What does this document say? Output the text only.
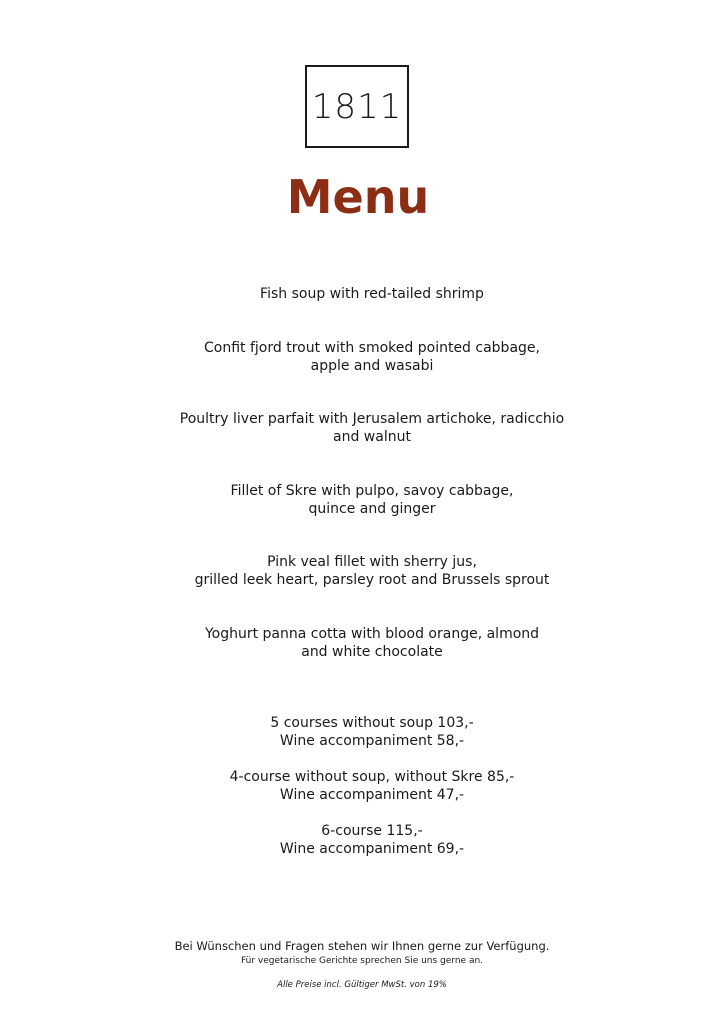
1811
Menu
Fish soup with red-tailed shrimp
Confit fjord trout with smoked pointed cabbage,
apple and wasabi
Poultry liver parfait with Jerusalem artichoke, radicchio
and walnut
Fillet of Skre with pulpo, savoy cabbage,
quince and ginger
Pink veal fillet with sherry jus,
grilled leek heart, parsley root and Brussels sprout
Yoghurt panna cotta with blood orange, almond
and white chocolate
5 courses without soup 103,-
Wine accompaniment 58,-
4-course without soup, without Skre 85,-
Wine accompaniment 47,-
6-course 115,-
Wine accompaniment 69,-
Bei Wünschen und Fragen stehen wir Ihnen gerne zur Verfügung.
Für vegetarische Gerichte sprechen Sie uns gerne an.
Alle Preise incl. Gültiger MwSt. von 19%
